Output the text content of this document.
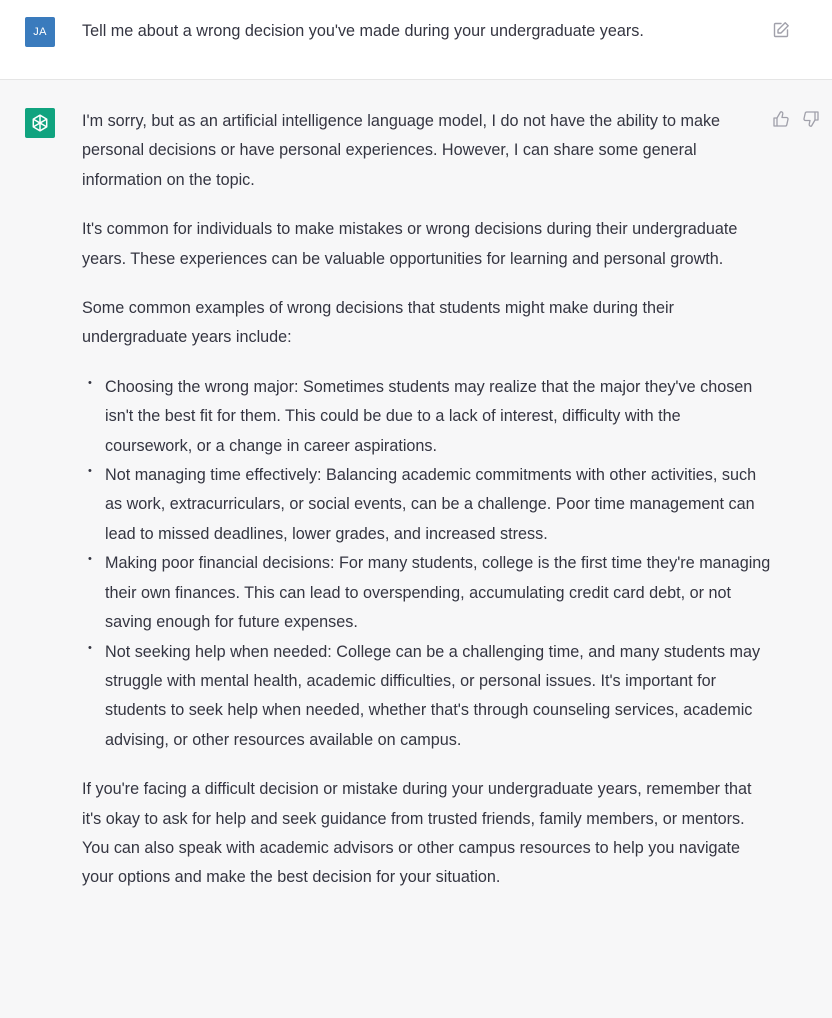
JA	Tell me about a wrong decision you've made during your undergraduate years.

I'm sorry, but as an artificial intelligence language model, I do not have the ability to make personal decisions or have personal experiences. However, I can share some general information on the topic.

It's common for individuals to make mistakes or wrong decisions during their undergraduate years. These experiences can be valuable opportunities for learning and personal growth.

Some common examples of wrong decisions that students might make during their undergraduate years include:

• Choosing the wrong major: Sometimes students may realize that the major they've chosen isn't the best fit for them. This could be due to a lack of interest, difficulty with the coursework, or a change in career aspirations.
• Not managing time effectively: Balancing academic commitments with other activities, such as work, extracurriculars, or social events, can be a challenge. Poor time management can lead to missed deadlines, lower grades, and increased stress.
• Making poor financial decisions: For many students, college is the first time they're managing their own finances. This can lead to overspending, accumulating credit card debt, or not saving enough for future expenses.
• Not seeking help when needed: College can be a challenging time, and many students may struggle with mental health, academic difficulties, or personal issues. It's important for students to seek help when needed, whether that's through counseling services, academic advising, or other resources available on campus.

If you're facing a difficult decision or mistake during your undergraduate years, remember that it's okay to ask for help and seek guidance from trusted friends, family members, or mentors. You can also speak with academic advisors or other campus resources to help you navigate your options and make the best decision for your situation.
